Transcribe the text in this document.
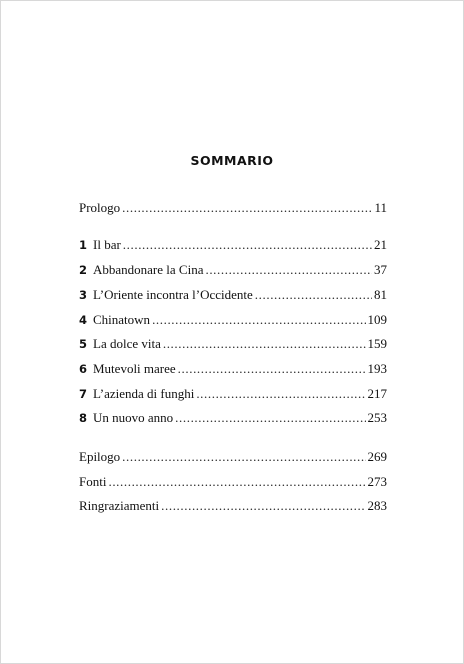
SOMMARIO
Prologo .....	11
1 Il bar .....	21
2 Abbandonare la Cina .....	37
3 L’Oriente incontra l’Occidente .....	81
4 Chinatown .....	109
5 La dolce vita .....	159
6 Mutevoli maree .....	193
7 L’azienda di funghi .....	217
8 Un nuovo anno .....	253
Epilogo .....	269
Fonti .....	273
Ringraziamenti .....	283
